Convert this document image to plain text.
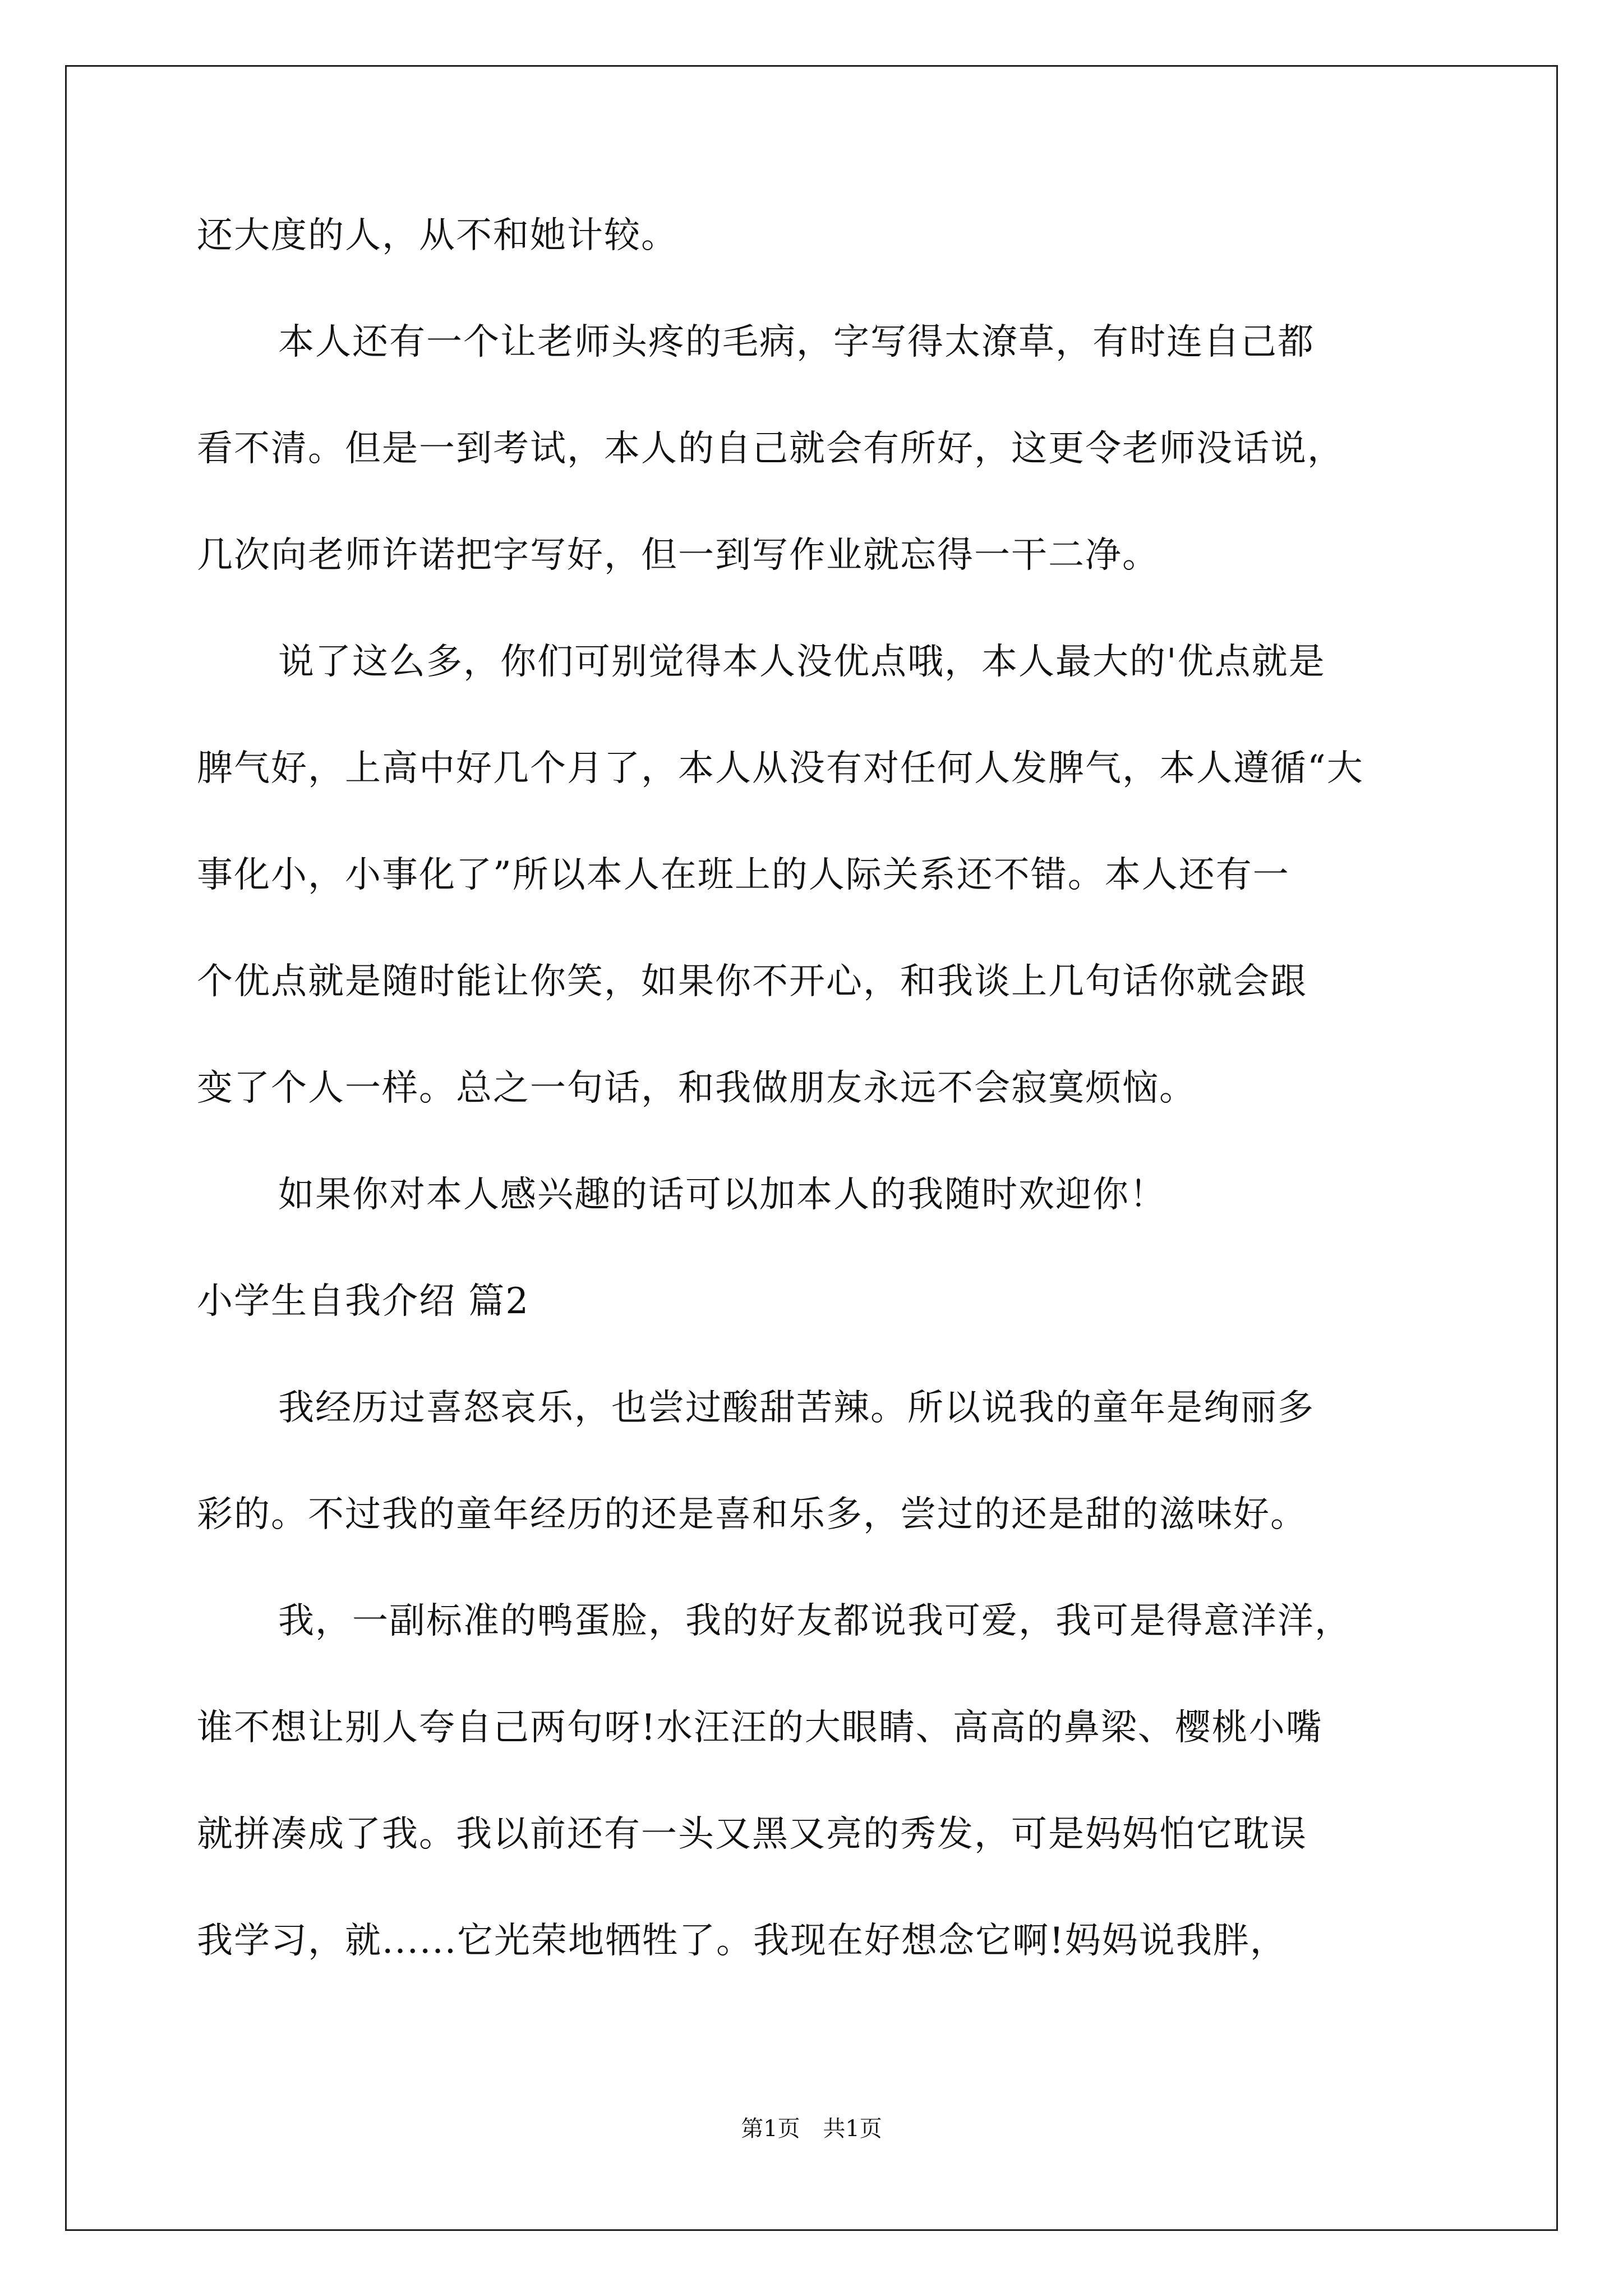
还大度的人，从不和她计较。
本人还有一个让老师头疼的毛病，字写得太潦草，有时连自己都
看不清。但是一到考试，本人的自己就会有所好，这更令老师没话说，
几次向老师许诺把字写好，但一到写作业就忘得一干二净。
说了这么多，你们可别觉得本人没优点哦，本人最大的'优点就是
脾气好，上高中好几个月了，本人从没有对任何人发脾气，本人遵循“大
事化小，小事化了”所以本人在班上的人际关系还不错。本人还有一
个优点就是随时能让你笑，如果你不开心，和我谈上几句话你就会跟
变了个人一样。总之一句话，和我做朋友永远不会寂寞烦恼。
如果你对本人感兴趣的话可以加本人的我随时欢迎你！
小学生自我介绍 篇2
我经历过喜怒哀乐，也尝过酸甜苦辣。所以说我的童年是绚丽多
彩的。不过我的童年经历的还是喜和乐多，尝过的还是甜的滋味好。
我，一副标准的鸭蛋脸，我的好友都说我可爱，我可是得意洋洋，
谁不想让别人夸自己两句呀!水汪汪的大眼睛、高高的鼻梁、樱桃小嘴
就拼凑成了我。我以前还有一头又黑又亮的秀发，可是妈妈怕它耽误
我学习，就......它光荣地牺牲了。我现在好想念它啊!妈妈说我胖，
第1页 共1页
